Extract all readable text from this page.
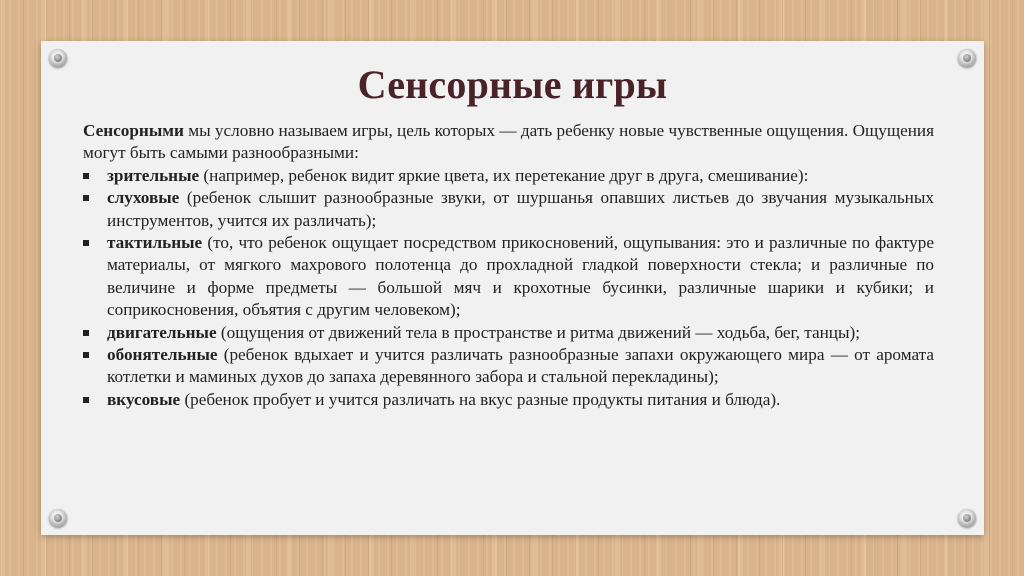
Сенсорные игры

Сенсорными мы условно называем игры, цель которых — дать ребенку новые чувственные ощущения. Ощущения могут быть самыми разнообразными:

зрительные (например, ребенок видит яркие цвета, их перетекание друг в друга, смешивание):
слуховые (ребенок слышит разнообразные звуки, от шуршанья опавших листьев до звучания музыкальных инструментов, учится их различать);
тактильные (то, что ребенок ощущает посредством прикосновений, ощупывания: это и различные по фактуре материалы, от мягкого махрового полотенца до прохладной гладкой поверхности стекла; и различные по величине и форме предметы — большой мяч и крохотные бусинки, различные шарики и кубики; и соприкосновения, объятия с другим человеком);
двигательные (ощущения от движений тела в пространстве и ритма движений — ходьба, бег, танцы);
обонятельные (ребенок вдыхает и учится различать разнообразные запахи окружающего мира — от аромата котлетки и маминых духов до запаха деревянного забора и стальной перекладины);
вкусовые (ребенок пробует и учится различать на вкус разные продукты питания и блюда).
